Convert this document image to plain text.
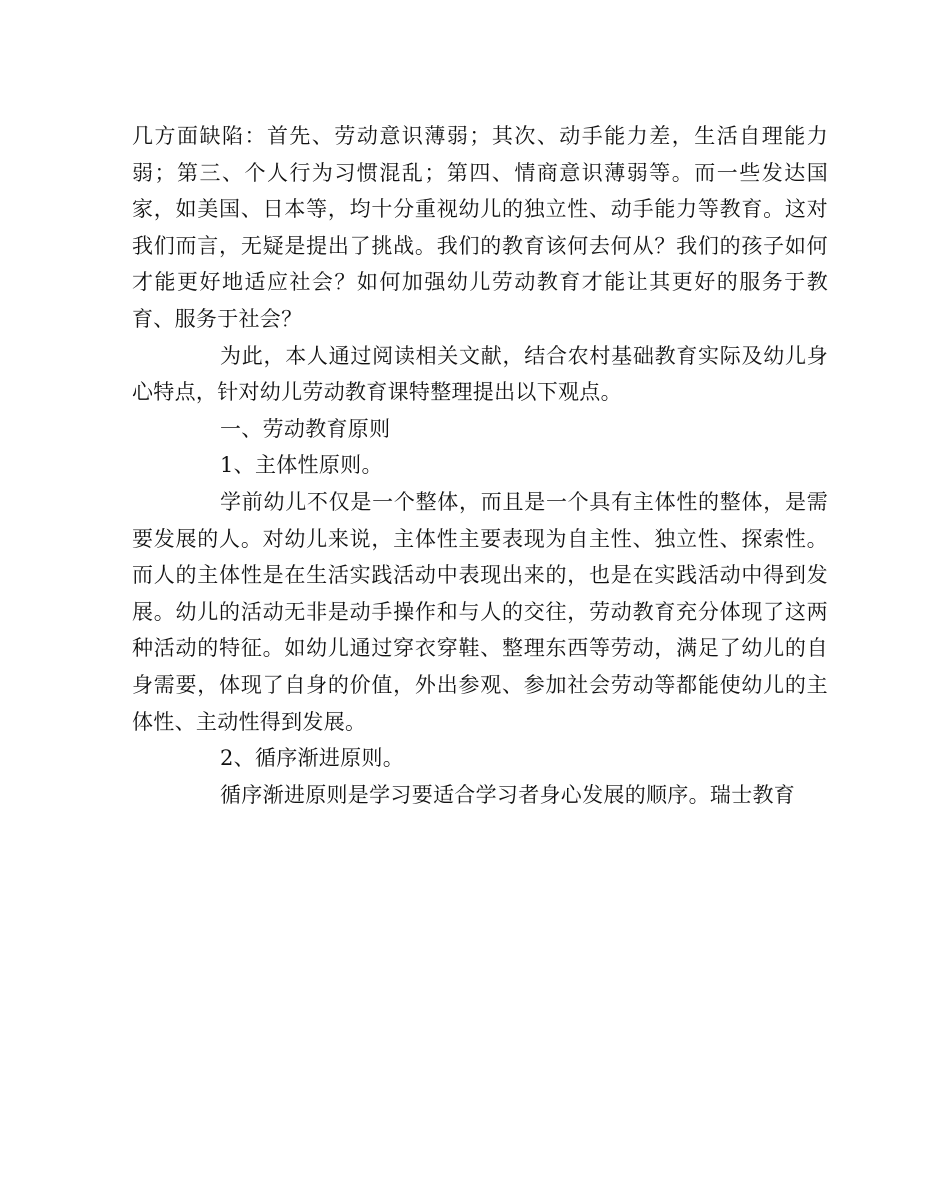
几方面缺陷：首先、劳动意识薄弱；其次、动手能力差，生活自理能力弱；第三、个人行为习惯混乱；第四、情商意识薄弱等。而一些发达国家，如美国、日本等，均十分重视幼儿的独立性、动手能力等教育。这对我们而言，无疑是提出了挑战。我们的教育该何去何从？我们的孩子如何才能更好地适应社会？如何加强幼儿劳动教育才能让其更好的服务于教育、服务于社会？

为此，本人通过阅读相关文献，结合农村基础教育实际及幼儿身心特点，针对幼儿劳动教育课特整理提出以下观点。

一、劳动教育原则

1、主体性原则。

学前幼儿不仅是一个整体，而且是一个具有主体性的整体，是需要发展的人。对幼儿来说，主体性主要表现为自主性、独立性、探索性。而人的主体性是在生活实践活动中表现出来的，也是在实践活动中得到发展。幼儿的活动无非是动手操作和与人的交往，劳动教育充分体现了这两种活动的特征。如幼儿通过穿衣穿鞋、整理东西等劳动，满足了幼儿的自身需要，体现了自身的价值，外出参观、参加社会劳动等都能使幼儿的主体性、主动性得到发展。

2、循序渐进原则。

循序渐进原则是学习要适合学习者身心发展的顺序。瑞士教育
